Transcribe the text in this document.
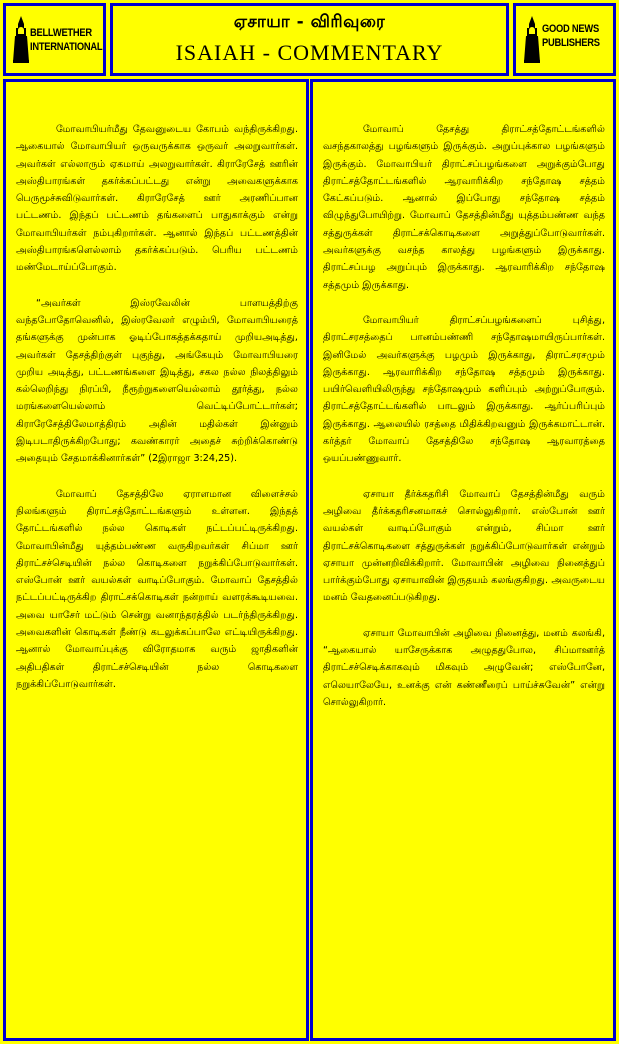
BELLWETHER
INTERNATIONAL
ஏசாயா - விரிவுரை
ISAIAH - COMMENTARY
GOOD NEWS
PUBLISHERS

மோவாபியர்மீது தேவனுடைய கோபம் வந்திருக்கிறது. ஆகையால் மோவாபியர் ஒருவருக்காக ஒருவர் அலறுவார்கள். அவர்கள் எல்லாரும் ஏகமாய் அலறுவார்கள். கிராரேசேத் ஊரின் அஸ்திபாரங்கள் தகர்க்கப்பட்டது என்று அவைகளுக்காக பெருமூச்சுவிடுவார்கள். கிராரேசேத் ஊர் அரணிப்பான பட்டணம். இந்தப் பட்டணம் தங்களைப் பாதுகாக்கும் என்று மோவாபியர்கள் நம்புகிறார்கள். ஆனால் இந்தப் பட்டணத்தின் அஸ்திபாரங்களெல்லாம் தகர்க்கப்படும். பெரிய பட்டணம் மண்மேடாய்ப்போகும்.

“அவர்கள் இஸ்ரவேலின் பாளயத்திற்கு வந்தபோதோவெனில், இஸ்ரவேலர் எழும்பி, மோவாபியரைத் தங்களுக்கு முன்பாக ஓடிப்போகத்தக்கதாய் முறியஅடித்து, அவர்கள் தேசத்திற்குள் புகுந்து, அங்கேயும் மோவாபியரை முறிய அடித்து, பட்டணங்களை இடித்து, சகல நல்ல நிலத்திலும் கல்லெறிந்து நிரப்பி, நீரூற்றுகளையெல்லாம் தூர்த்து, நல்ல மரங்களையெல்லாம் வெட்டிப்போட்டார்கள்; கிராரேசேத்திலேமாத்திரம் அதின் மதில்கள் இன்னும் இடிபடாதிருக்கிறபோது; கவண்காரர் அதைச் சுற்றிக்கொண்டு அதையும் சேதமாக்கினார்கள்” (2இராஜா 3:24,25).

மோவாப் தேசத்திலே ஏராளமான விளைச்சல் நிலங்களும் திராட்சத்தோட்டங்களும் உள்ளன. இந்தத் தோட்டங்களில் நல்ல கொடிகள் நட்டப்பட்டிருக்கிறது. மோவாபின்மீது யுத்தம்பண்ண வருகிறவர்கள் சிப்மா ஊர் திராட்சச்செடியின் நல்ல கொடிகளை நறுக்கிப்போடுவார்கள். எஸ்போன் ஊர் வயல்கள் வாடிப்போகும். மோவாப் தேசத்தில் நட்டப்பட்டிருக்கிற திராட்சக்கொடிகள் நன்றாய் வளரக்கூடியவை. அவை யாசேர் மட்டும் சென்று வனாந்தரத்தில் படர்ந்திருக்கிறது. அவைகளின் கொடிகள் நீண்டு கடலுக்கப்பாலே எட்டியிருக்கிறது. ஆனால் மோவாப்புக்கு விரோதமாக வரும் ஜாதிகளின் அதிபதிகள் திராட்சச்செடியின் நல்ல கொடிகளை நறுக்கிப்போடுவார்கள்.

மோவாப் தேசத்து திராட்சத்தோட்டங்களில் வசந்தகாலத்து பழங்களும் இருக்கும். அறுப்புக்கால பழங்களும் இருக்கும். மோவாபியர் திராட்சப்பழங்களை அறுக்கும்போது திராட்சத்தோட்டங்களில் ஆரவாரிக்கிற சந்தோஷ சத்தம் கேட்கப்படும். ஆனால் இப்போது சந்தோஷ சத்தம் விழுந்துபோயிற்று. மோவாப் தேசத்தின்மீது யுத்தம்பண்ண வந்த சத்துருக்கள் திராட்சக்கொடிகளை அறுத்துப்போடுவார்கள். அவர்களுக்கு வசந்த காலத்து பழங்களும் இருக்காது. திராட்சப்பழ அறுப்பும் இருக்காது. ஆரவாரிக்கிற சந்தோஷ சத்தமும் இருக்காது.

மோவாபியர் திராட்சப்பழங்களைப் புசித்து, திராட்சரசத்தைப் பானம்பண்ணி சந்தோஷமாயிருப்பார்கள். இனிமேல் அவர்களுக்கு பழமும் இருக்காது, திராட்சரசமும் இருக்காது. ஆரவாரிக்கிற சந்தோஷ சத்தமும் இருக்காது. பயிர்வெளியிலிருந்து சந்தோஷமும் களிப்பும் அற்றுப்போகும். திராட்சத்தோட்டங்களில் பாடலும் இருக்காது. ஆர்ப்பரிப்பும் இருக்காது. ஆலையில் ரசத்தை மிதிக்கிறவனும் இருக்கமாட்டான். கர்த்தர் மோவாப் தேசத்திலே சந்தோஷ ஆரவாரத்தை ஒயப்பண்ணுவார்.

ஏசாயா தீர்க்கதரிசி மோவாப் தேசத்தின்மீது வரும் அழிவை தீர்க்கதரிசனமாகச் சொல்லுகிறார். எஸ்போன் ஊர் வயல்கள் வாடிப்போகும் என்றும், சிப்மா ஊர் திராட்சக்கொடிகளை சத்துருக்கள் நறுக்கிப்போடுவார்கள் என்றும் ஏசாயா முன்னறிவிக்கிறார். மோவாபின் அழிவை நினைத்துப் பார்க்கும்போது ஏசாயாவின் இருதயம் கலங்குகிறது. அவருடைய மனம் வேதனைப்படுகிறது.

ஏசாயா மோவாபின் அழிவை நினைத்து, மனம் கலங்கி, “ஆகையால் யாசேருக்காக அழுததுபோல, சிப்மாஊர்த் திராட்சச்செடிக்காகவும் மிகவும் அழுவேன்; எஸ்போனே, எலெயாலேயே, உனக்கு என் கண்ணீரைப் பாய்ச்சுவேன்” என்று சொல்லுகிறார்.
